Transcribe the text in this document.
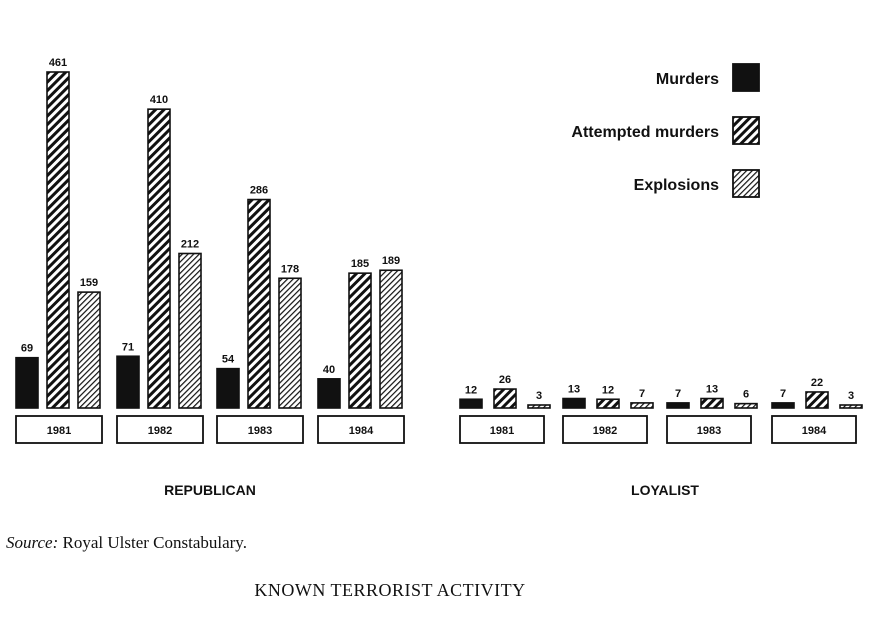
69
461
159
1981
71
410
212
1982
54
286
178
1983
40
185 189
1984
REPUBLICAN
12
26
3
1981
13 12 7
1982
7 13 6
1983
7
22
3
1984
LOYALIST
Murders
Attempted murders
Explosions
Source: Royal Ulster Constabulary.
KNOWN TERRORIST ACTIVITY
